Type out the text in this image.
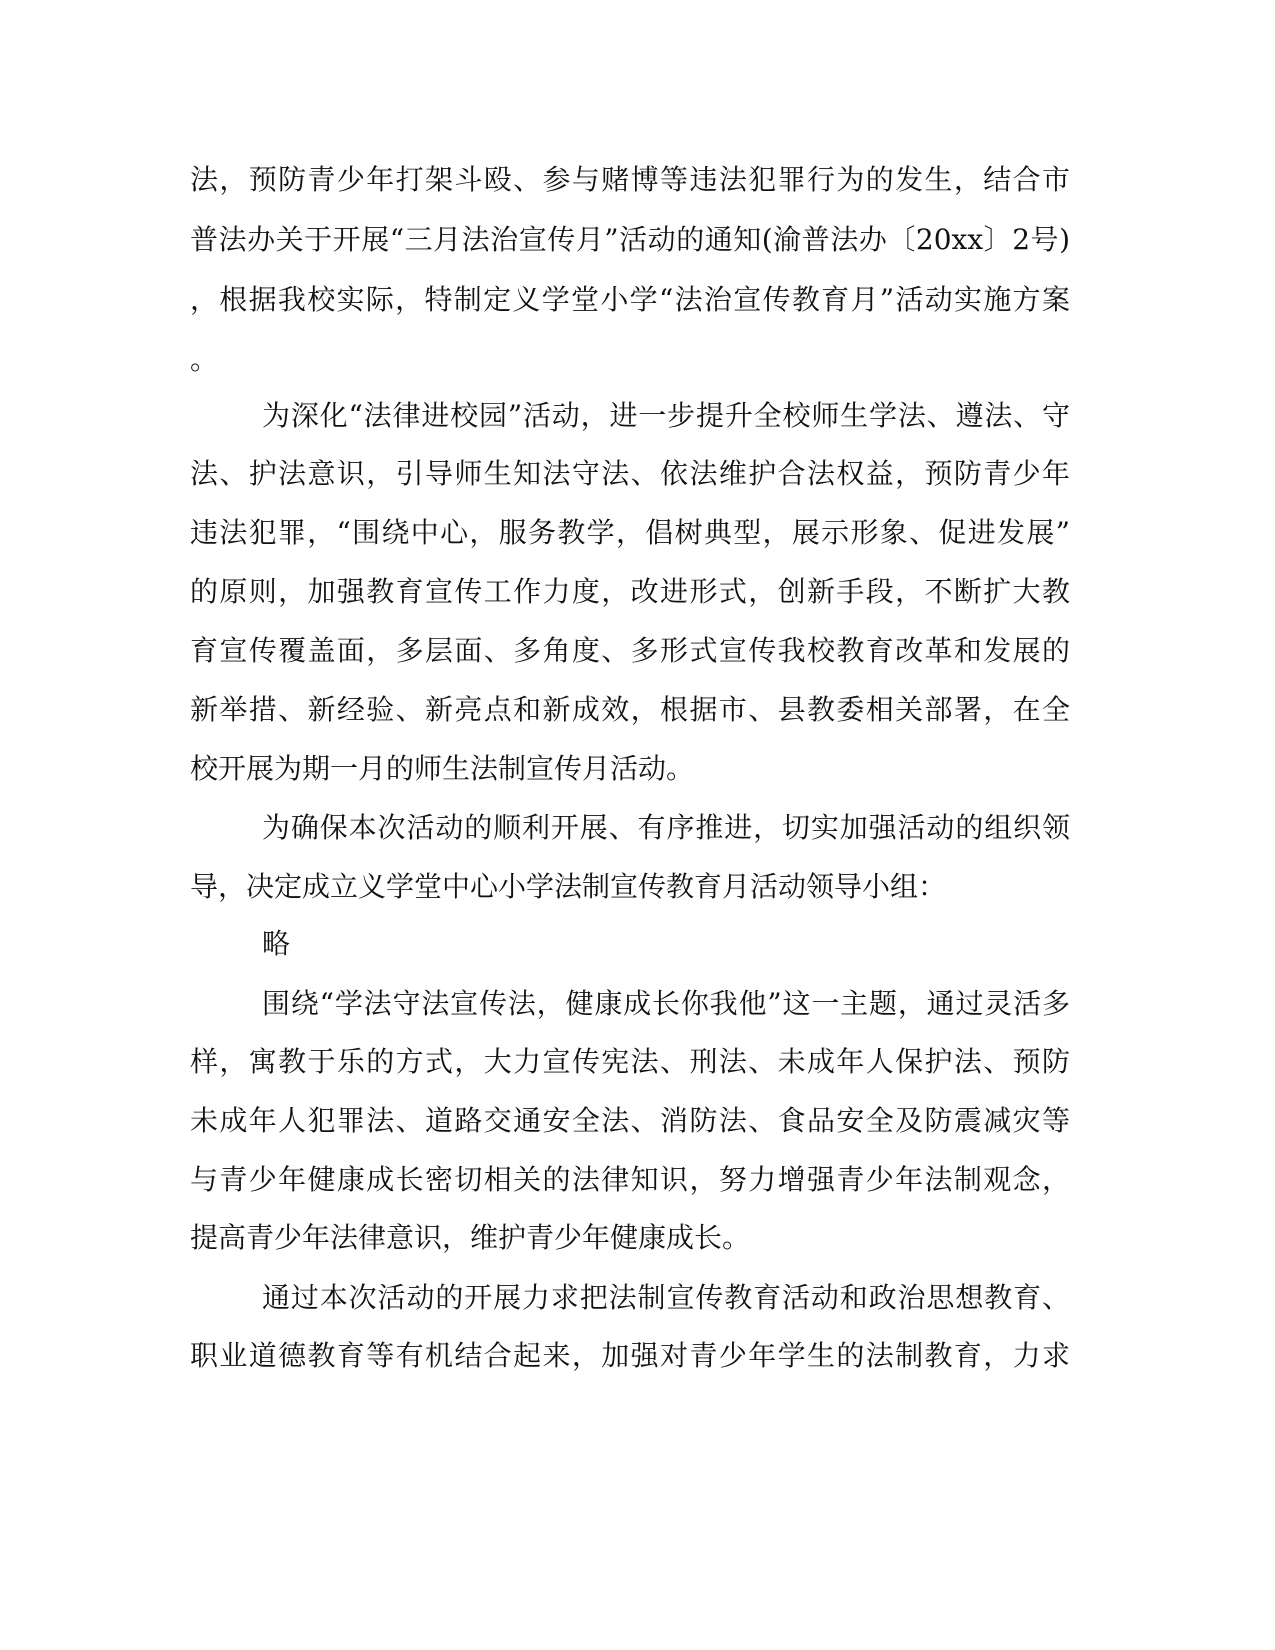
法，预防青少年打架斗殴、参与赌博等违法犯罪行为的发生，结合市
普法办关于开展“三月法治宣传月”活动的通知(渝普法办〔20xx〕2号)
，根据我校实际，特制定义学堂小学“法治宣传教育月”活动实施方案
。
为深化“法律进校园”活动，进一步提升全校师生学法、遵法、守
法、护法意识，引导师生知法守法、依法维护合法权益，预防青少年
违法犯罪，“围绕中心，服务教学，倡树典型，展示形象、促进发展”
的原则，加强教育宣传工作力度，改进形式，创新手段，不断扩大教
育宣传覆盖面，多层面、多角度、多形式宣传我校教育改革和发展的
新举措、新经验、新亮点和新成效，根据市、县教委相关部署，在全
校开展为期一月的师生法制宣传月活动。
为确保本次活动的顺利开展、有序推进，切实加强活动的组织领
导，决定成立义学堂中心小学法制宣传教育月活动领导小组：
略
围绕“学法守法宣传法，健康成长你我他”这一主题，通过灵活多
样，寓教于乐的方式，大力宣传宪法、刑法、未成年人保护法、预防
未成年人犯罪法、道路交通安全法、消防法、食品安全及防震减灾等
与青少年健康成长密切相关的法律知识，努力增强青少年法制观念，
提高青少年法律意识，维护青少年健康成长。
通过本次活动的开展力求把法制宣传教育活动和政治思想教育、
职业道德教育等有机结合起来，加强对青少年学生的法制教育，力求
